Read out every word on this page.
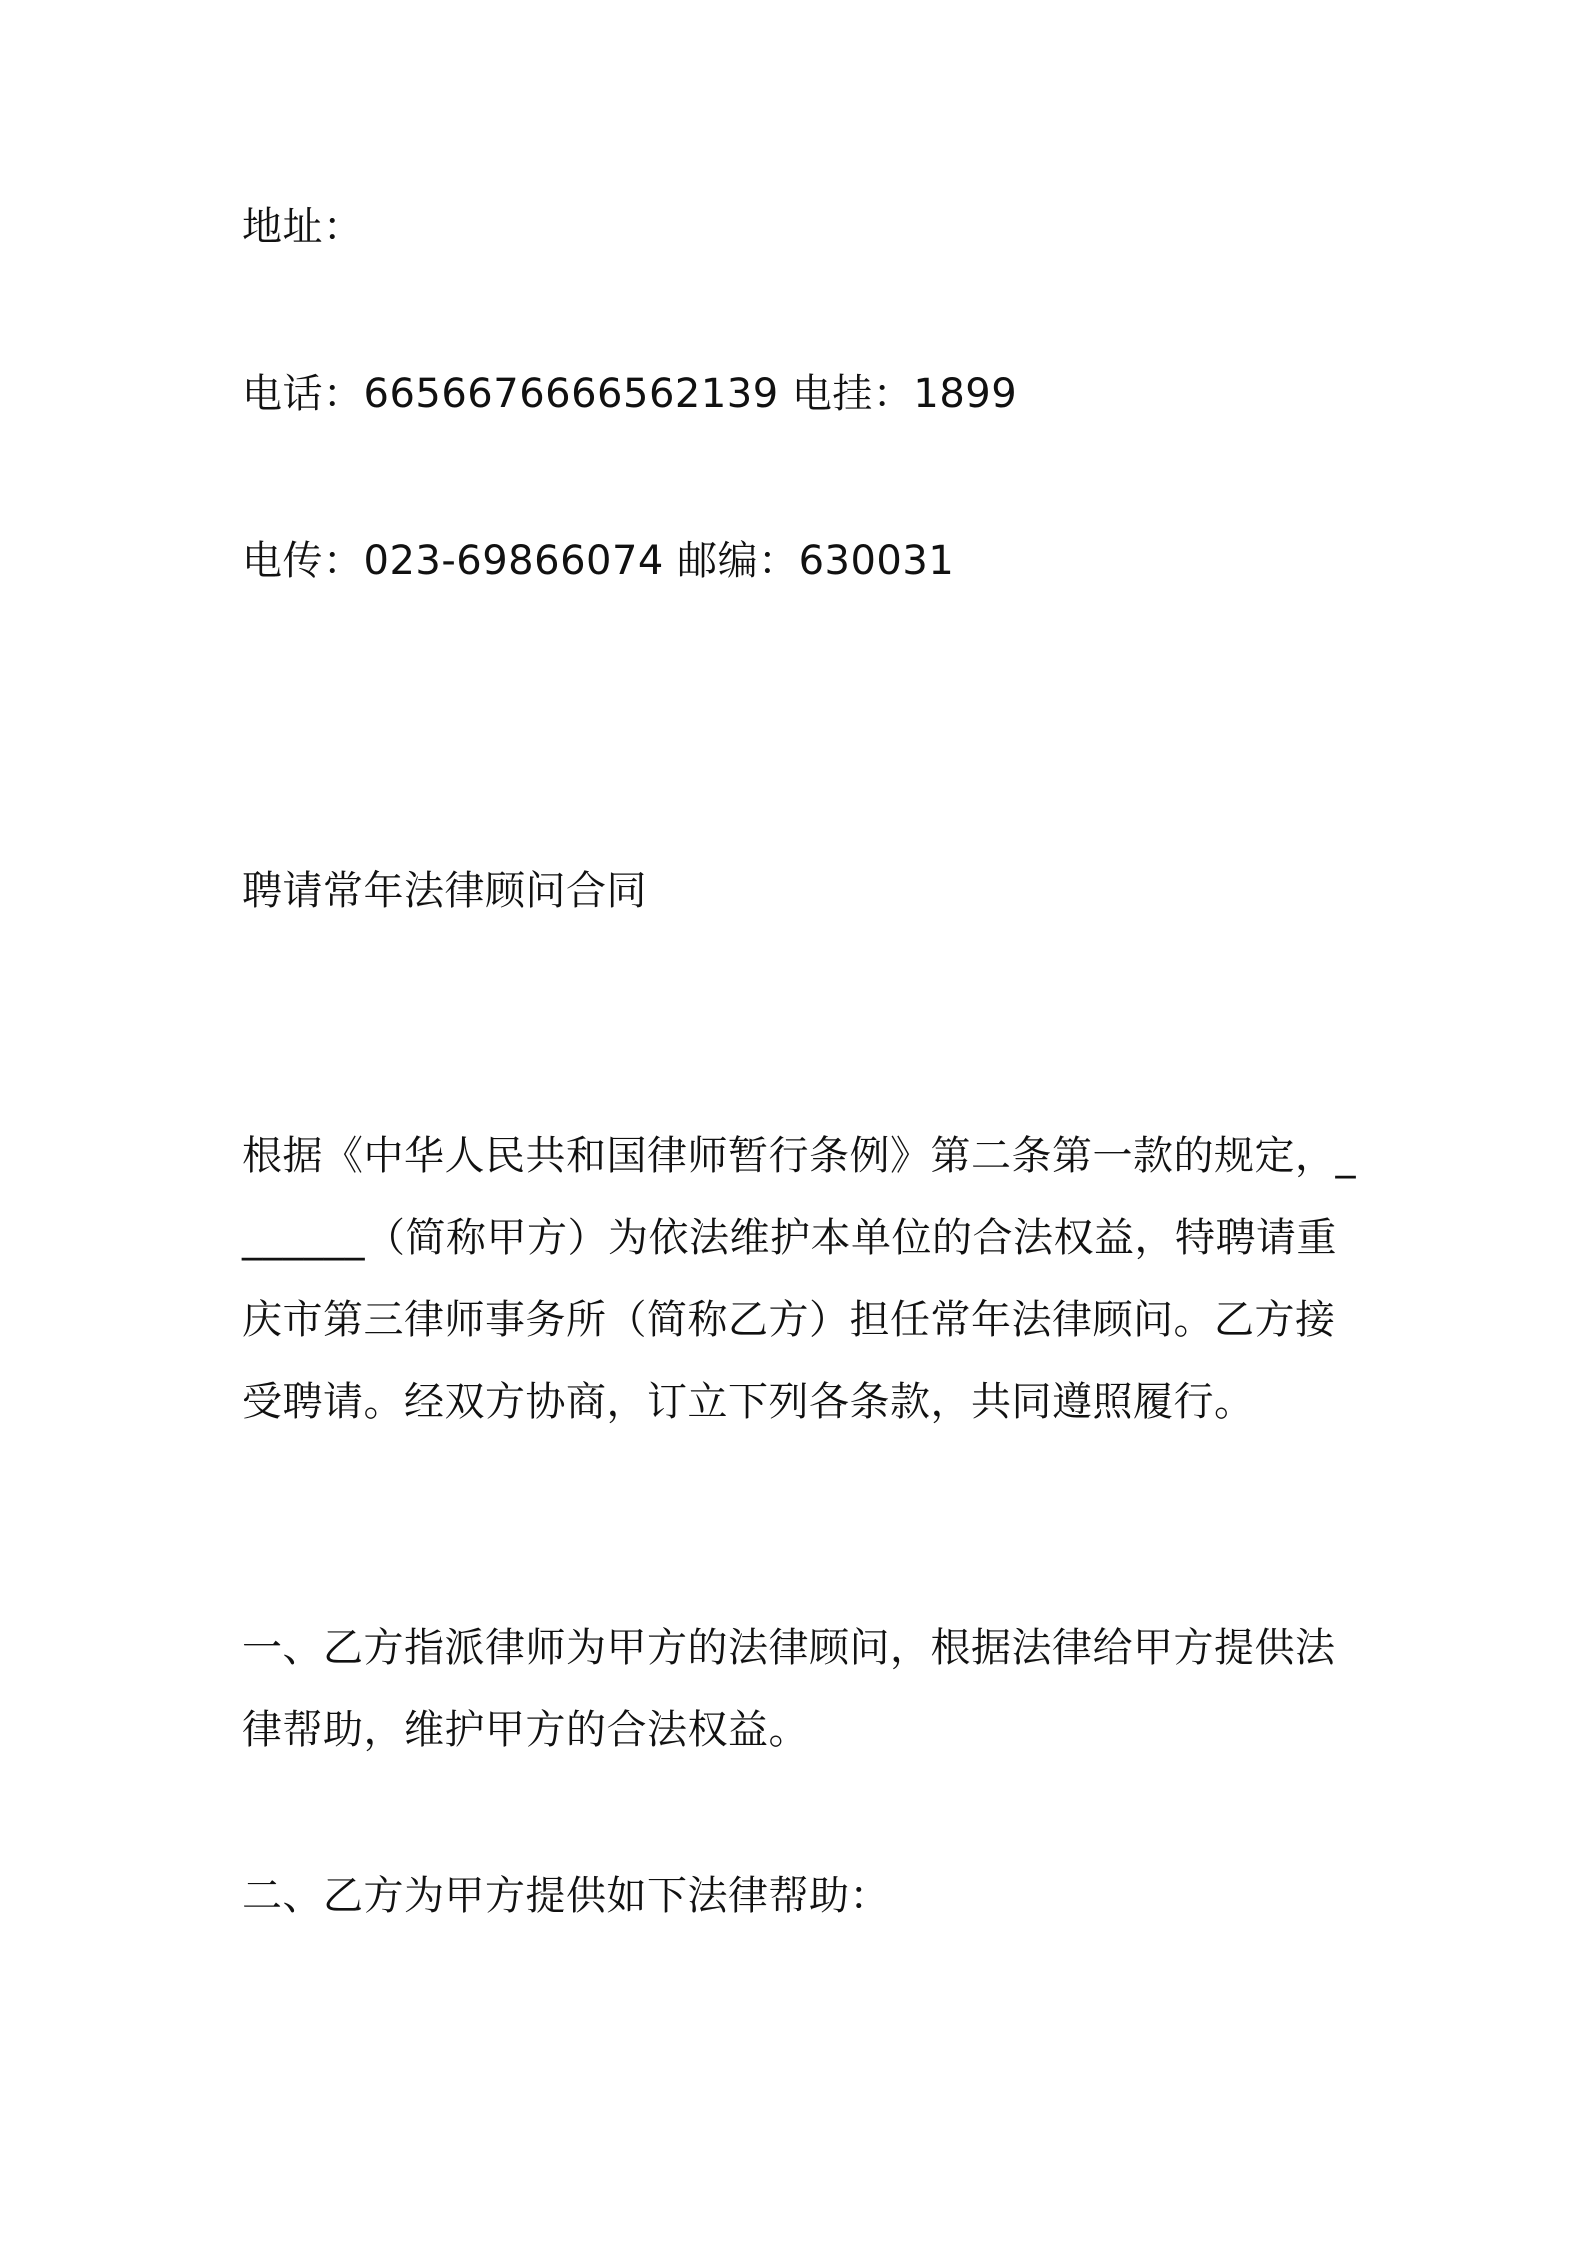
地址：
电话：6656676666562139 电挂：1899
电传：023-69866074 邮编：630031
聘请常年法律顾问合同
根据《中华人民共和国律师暂行条例》第二条第一款的规定，_______（简称甲方）为依法维护本单位的合法权益，特聘请重庆市第三律师事务所（简称乙方）担任常年法律顾问。乙方接受聘请。经双方协商，订立下列各条款，共同遵照履行。
一、乙方指派律师为甲方的法律顾问，根据法律给甲方提供法律帮助，维护甲方的合法权益。
二、乙方为甲方提供如下法律帮助：
